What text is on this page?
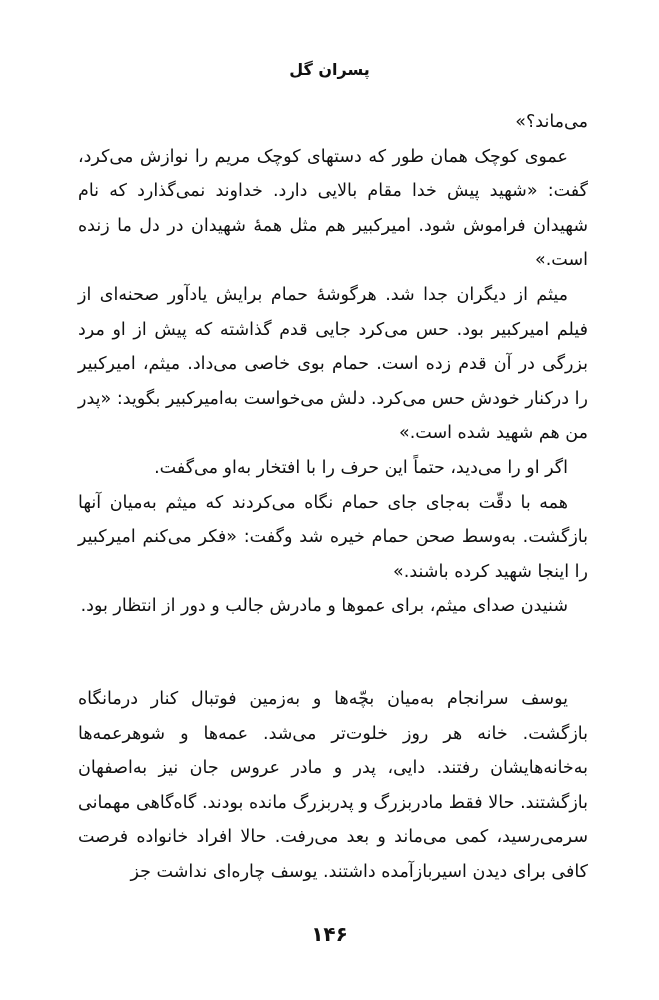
پسران گل

می‌ماند؟»

عموی کوچک همان طور که دستهای کوچک مریم را نوازش می‌کرد، گفت: «شهید پیش خدا مقام بالایی دارد. خداوند نمی‌گذارد که نام شهیدان فراموش شود. امیرکبیر هم مثل همهٔ شهیدان در دل ما زنده است.»

میثم از دیگران جدا شد. هرگوشهٔ حمام برایش یادآور صحنه‌ای از فیلم امیرکبیر بود. حس می‌کرد جایی قدم گذاشته که پیش از او مرد بزرگی در آن قدم زده است. حمام بوی خاصی می‌داد. میثم، امیرکبیر را درکنار خودش حس می‌کرد. دلش می‌خواست به‌امیرکبیر بگوید: «پدر من هم شهید شده است.»

اگر او را می‌دید، حتماً این حرف را با افتخار به‌او می‌گفت.

همه با دقّت به‌جای جای حمام نگاه می‌کردند که میثم به‌میان آنها بازگشت. به‌وسط صحن حمام خیره شد وگفت: «فکر می‌کنم امیرکبیر را اینجا شهید کرده باشند.»

شنیدن صدای میثم، برای عموها و مادرش جالب و دور از انتظار بود.

یوسف سرانجام به‌میان بچّه‌ها و به‌زمین فوتبال کنار درمانگاه بازگشت. خانه هر روز خلوت‌تر می‌شد. عمه‌ها و شوهرعمه‌ها به‌خانه‌هایشان رفتند. دایی، پدر و مادر عروس جان نیز به‌اصفهان بازگشتند. حالا فقط مادربزرگ و پدربزرگ مانده بودند. گاه‌گاهی مهمانی سرمی‌رسید، کمی می‌ماند و بعد می‌رفت. حالا افراد خانواده فرصت کافی برای دیدن اسیربازآمده داشتند. یوسف چاره‌ای نداشت جز

۱۴۶
